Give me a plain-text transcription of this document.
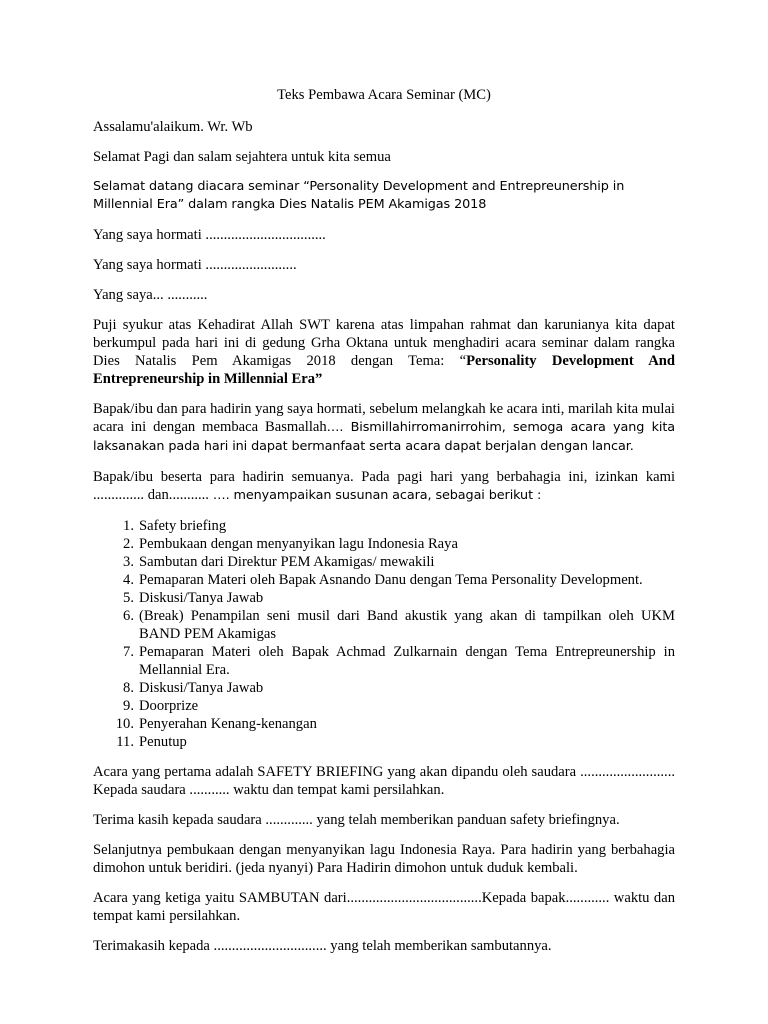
Teks Pembawa Acara Seminar (MC)

Assalamu'alaikum. Wr. Wb

Selamat Pagi dan salam sejahtera untuk kita semua

Selamat datang diacara seminar “Personality Development and Entrepreunership in Millennial Era” dalam rangka Dies Natalis PEM Akamigas 2018

Yang saya hormati .................................

Yang saya hormati .........................

Yang saya... ...........

Puji syukur atas Kehadirat Allah SWT karena atas limpahan rahmat dan karunianya kita dapat berkumpul pada hari ini di gedung Grha Oktana untuk menghadiri acara seminar dalam rangka Dies Natalis Pem Akamigas 2018 dengan Tema: “Personality Development And Entrepreneurship in Millennial Era”

Bapak/ibu dan para hadirin yang saya hormati, sebelum melangkah ke acara inti, marilah kita mulai acara ini dengan membaca Basmallah…. Bismillahirromanirrohim, semoga acara yang kita laksanakan pada hari ini dapat bermanfaat serta acara dapat berjalan dengan lancar.

Bapak/ibu beserta para hadirin semuanya. Pada pagi hari yang berbahagia ini, izinkan kami .............. dan........... …. menyampaikan susunan acara, sebagai berikut :

1. Safety briefing
2. Pembukaan dengan menyanyikan lagu Indonesia Raya
3. Sambutan dari Direktur PEM Akamigas/ mewakili
4. Pemaparan Materi oleh Bapak Asnando Danu dengan Tema Personality Development.
5. Diskusi/Tanya Jawab
6. (Break) Penampilan seni musil dari Band akustik yang akan di tampilkan oleh UKM BAND PEM Akamigas
7. Pemaparan Materi oleh Bapak Achmad Zulkarnain dengan Tema Entrepreunership in Mellannial Era.
8. Diskusi/Tanya Jawab
9. Doorprize
10. Penyerahan Kenang-kenangan
11. Penutup

Acara yang pertama adalah SAFETY BRIEFING yang akan dipandu oleh saudara .......................... Kepada saudara ........... waktu dan tempat kami persilahkan.

Terima kasih kepada saudara ............. yang telah memberikan panduan safety briefingnya.

Selanjutnya pembukaan dengan menyanyikan lagu Indonesia Raya. Para hadirin yang berbahagia dimohon untuk beridiri. (jeda nyanyi) Para Hadirin dimohon untuk duduk kembali.

Acara yang ketiga yaitu SAMBUTAN dari.....................................Kepada bapak............ waktu dan tempat kami persilahkan.

Terimakasih kepada ............................... yang telah memberikan sambutannya.
